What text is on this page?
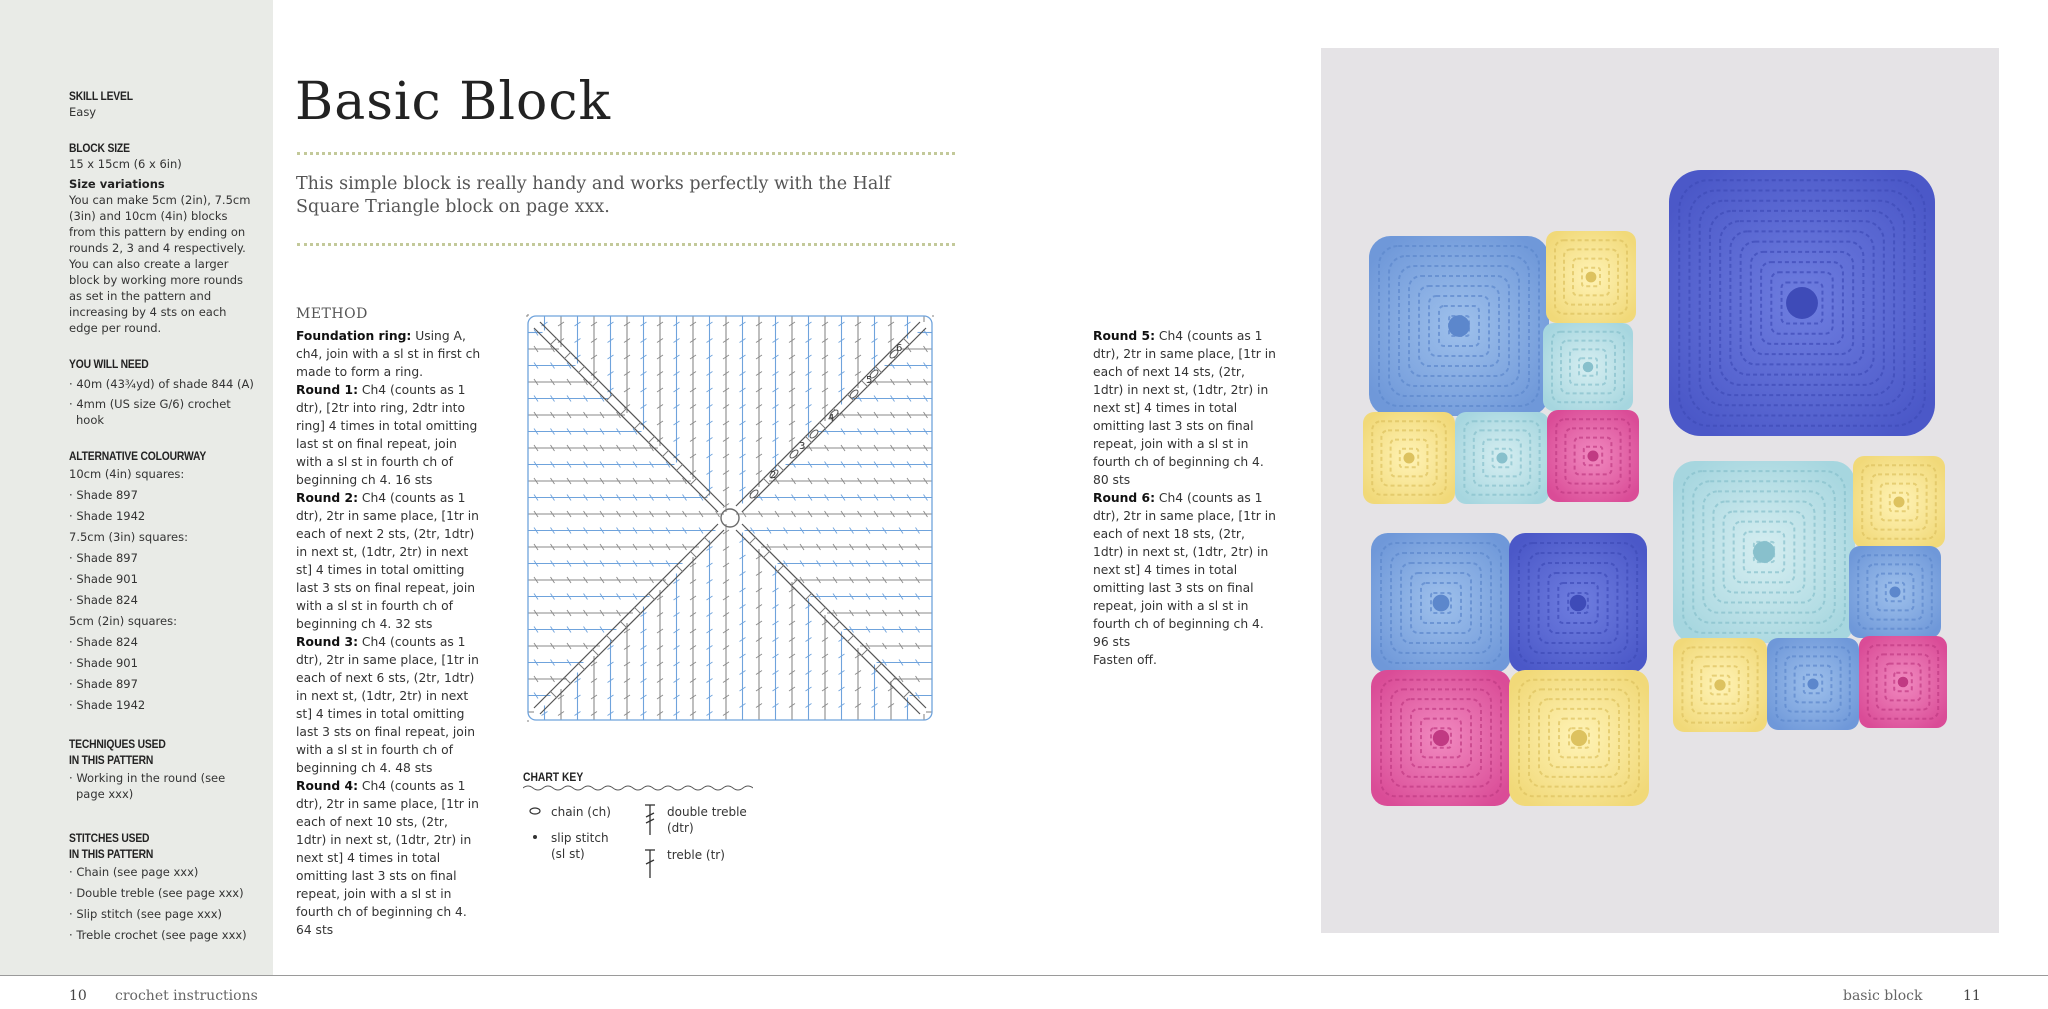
SKILL LEVEL
Easy
BLOCK SIZE
15 x 15cm (6 x 6in)
Size variations
You can make 5cm (2in), 7.5cm (3in) and 10cm (4in) blocks from this pattern by ending on rounds 2, 3 and 4 respectively. You can also create a larger block by working more rounds as set in the pattern and increasing by 4 sts on each edge per round.
YOU WILL NEED
· 40m (43¾yd) of shade 844 (A)
· 4mm (US size G/6) crochet hook
ALTERNATIVE COLOURWAY
10cm (4in) squares:
· Shade 897
· Shade 1942
7.5cm (3in) squares:
· Shade 897
· Shade 901
· Shade 824
5cm (2in) squares:
· Shade 824
· Shade 901
· Shade 897
· Shade 1942
TECHNIQUES USED
IN THIS PATTERN
· Working in the round (see page xxx)
STITCHES USED
IN THIS PATTERN
· Chain (see page xxx)
· Double treble (see page xxx)
· Slip stitch (see page xxx)
· Treble crochet (see page xxx)
Basic Block
This simple block is really handy and works perfectly with the Half Square Triangle block on page xxx.
METHOD

Foundation ring: Using A, ch4, join with a sl st in first ch made to form a ring.

Round 1: Ch4 (counts as 1 dtr), [2tr into ring, 2dtr into ring] 4 times in total omitting last st on final repeat, join with a sl st in fourth ch of beginning ch 4. 16 sts

Round 2: Ch4 (counts as 1 dtr), 2tr in same place, [1tr in each of next 2 sts, (2tr, 1dtr) in next st, (1dtr, 2tr) in next st] 4 times in total omitting last 3 sts on final repeat, join with a sl st in fourth ch of beginning ch 4. 32 sts

Round 3: Ch4 (counts as 1 dtr), 2tr in same place, [1tr in each of next 6 sts, (2tr, 1dtr) in next st, (1dtr, 2tr) in next st] 4 times in total omitting last 3 sts on final repeat, join with a sl st in fourth ch of beginning ch 4. 48 sts

Round 4: Ch4 (counts as 1 dtr), 2tr in same place, [1tr in each of next 10 sts, (2tr, 1dtr) in next st, (1dtr, 2tr) in next st] 4 times in total omitting last 3 sts on final repeat, join with a sl st in fourth ch of beginning ch 4. 64 sts

Round 5: Ch4 (counts as 1 dtr), 2tr in same place, [1tr in each of next 14 sts, (2tr, 1dtr) in next st, (1dtr, 2tr) in next st] 4 times in total omitting last 3 sts on final repeat, join with a sl st in fourth ch of beginning ch 4. 80 sts

Round 6: Ch4 (counts as 1 dtr), 2tr in same place, [1tr in each of next 18 sts, (2tr, 1dtr) in next st, (1dtr, 2tr) in next st] 4 times in total omitting last 3 sts on final repeat, join with a sl st in fourth ch of beginning ch 4. 96 sts

Fasten off.

2
3
4
5
6
CHART KEY
chain (ch)
slip stitch (sl st)
double treble (dtr)
treble (tr)
10 crochet instructions	basic block	11
